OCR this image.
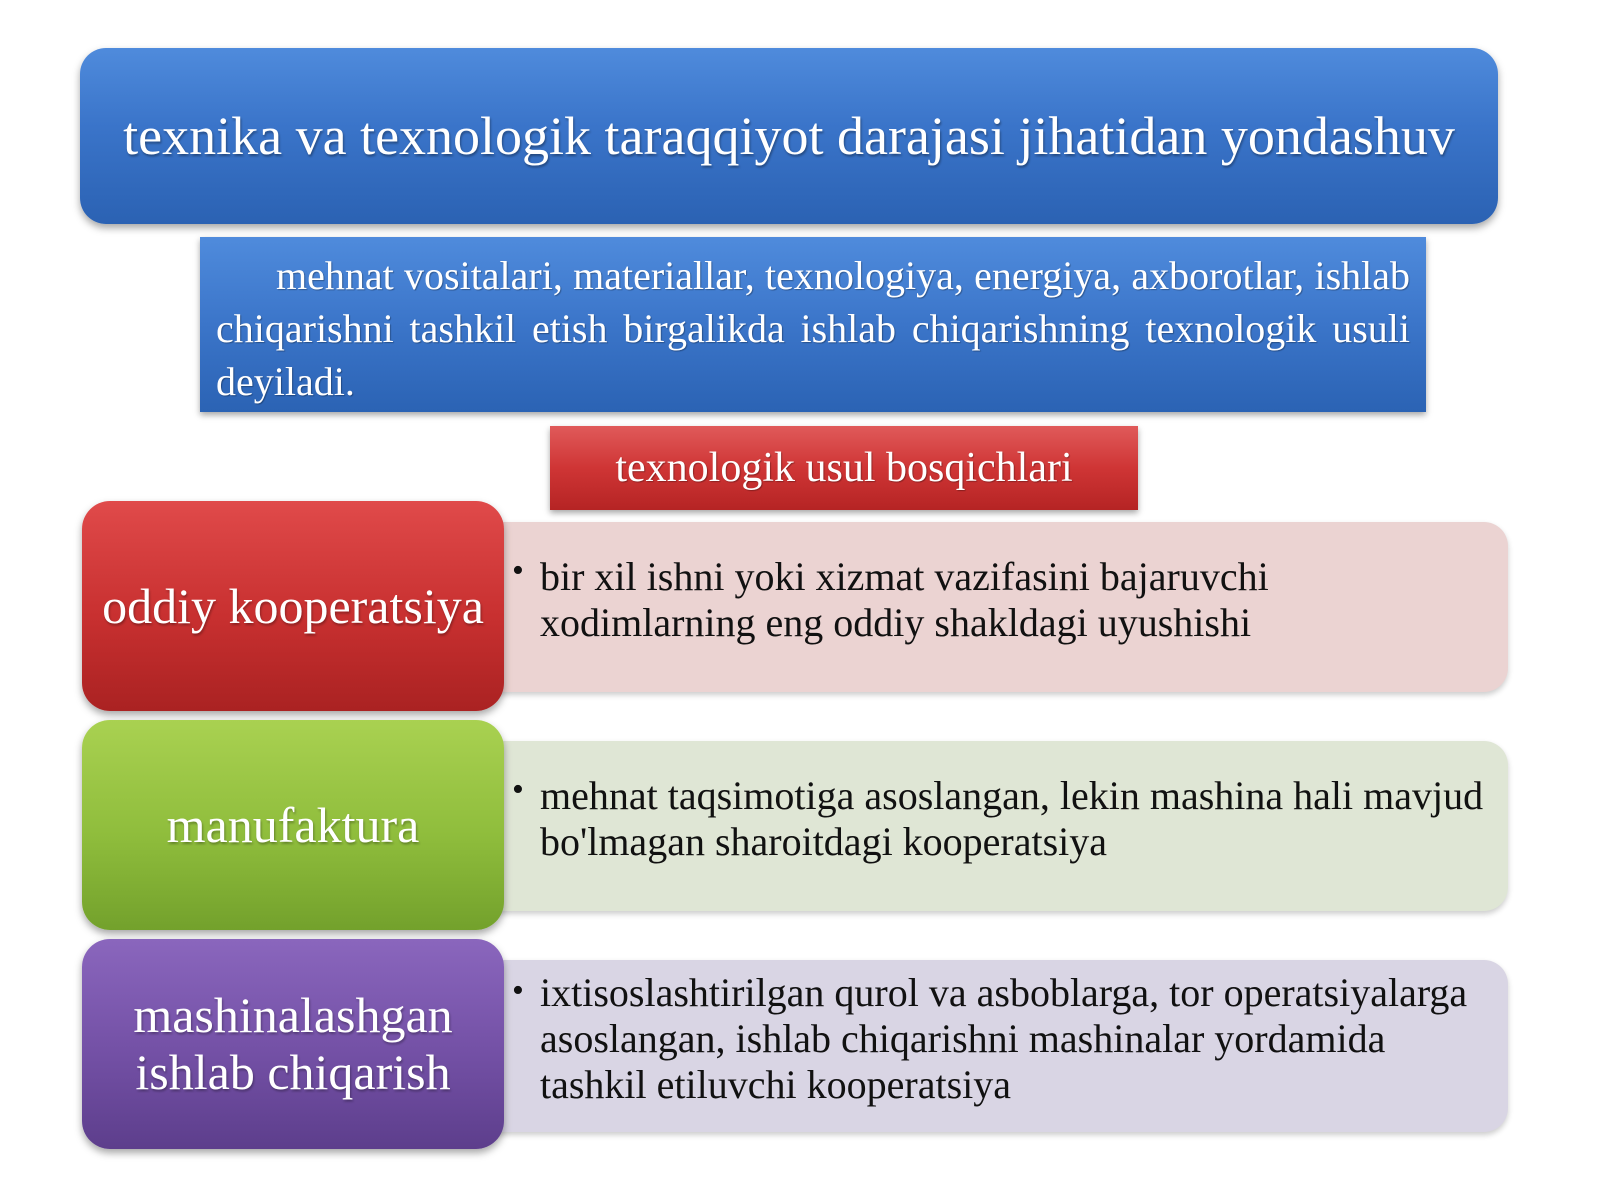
texnika va texnologik taraqqiyot darajasi jihatidan yondashuv
mehnat vositalari, materiallar, texnologiya, energiya, axborotlar, ishlab chiqarishni tashkil etish birgalikda ishlab chiqarishning texnologik usuli deyiladi.
texnologik usul bosqichlari
• bir xil ishni yoki xizmat vazifasini bajaruvchi xodimlarning eng oddiy shakldagi uyushishi
oddiy kooperatsiya
• mehnat taqsimotiga asoslangan, lekin mashina hali mavjud bo'lmagan sharoitdagi kooperatsiya
manufaktura
• ixtisoslashtirilgan qurol va asboblarga, tor operatsiyalarga asoslangan, ishlab chiqarishni mashinalar yordamida tashkil etiluvchi kooperatsiya
mashinalashgan ishlab chiqarish
